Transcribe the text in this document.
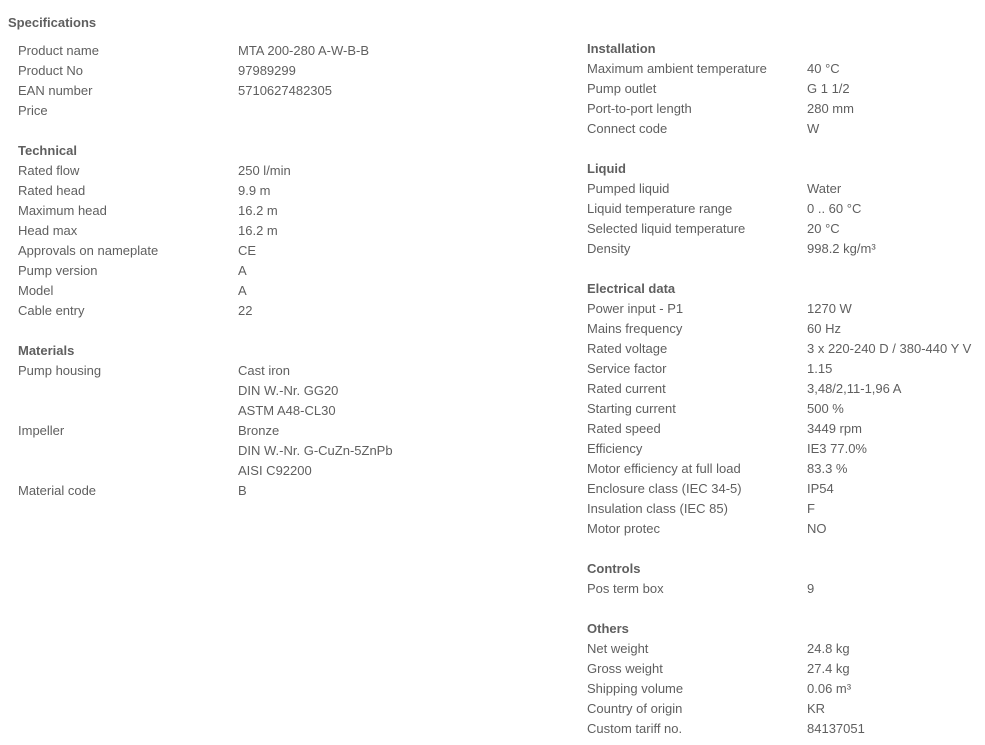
Specifications
Product name	MTA 200-280 A-W-B-B
Product No	97989299
EAN number	5710627482305
Price
Technical
Rated flow	250 l/min
Rated head	9.9 m
Maximum head	16.2 m
Head max	16.2 m
Approvals on nameplate	CE
Pump version	A
Model	A
Cable entry	22
Materials
Pump housing	Cast iron
DIN W.-Nr. GG20
ASTM A48-CL30
Impeller	Bronze
DIN W.-Nr. G-CuZn-5ZnPb
AISI C92200
Material code	B
Installation
Maximum ambient temperature	40 °C
Pump outlet	G 1 1/2
Port-to-port length	280 mm
Connect code	W
Liquid
Pumped liquid	Water
Liquid temperature range	0 .. 60 °C
Selected liquid temperature	20 °C
Density	998.2 kg/m³
Electrical data
Power input - P1	1270 W
Mains frequency	60 Hz
Rated voltage	3 x 220-240 D / 380-440 Y V
Service factor	1.15
Rated current	3,48/2,11-1,96 A
Starting current	500 %
Rated speed	3449 rpm
Efficiency	IE3 77.0%
Motor efficiency at full load	83.3 %
Enclosure class (IEC 34-5)	IP54
Insulation class (IEC 85)	F
Motor protec	NO
Controls
Pos term box	9
Others
Net weight	24.8 kg
Gross weight	27.4 kg
Shipping volume	0.06 m³
Country of origin	KR
Custom tariff no.	84137051
